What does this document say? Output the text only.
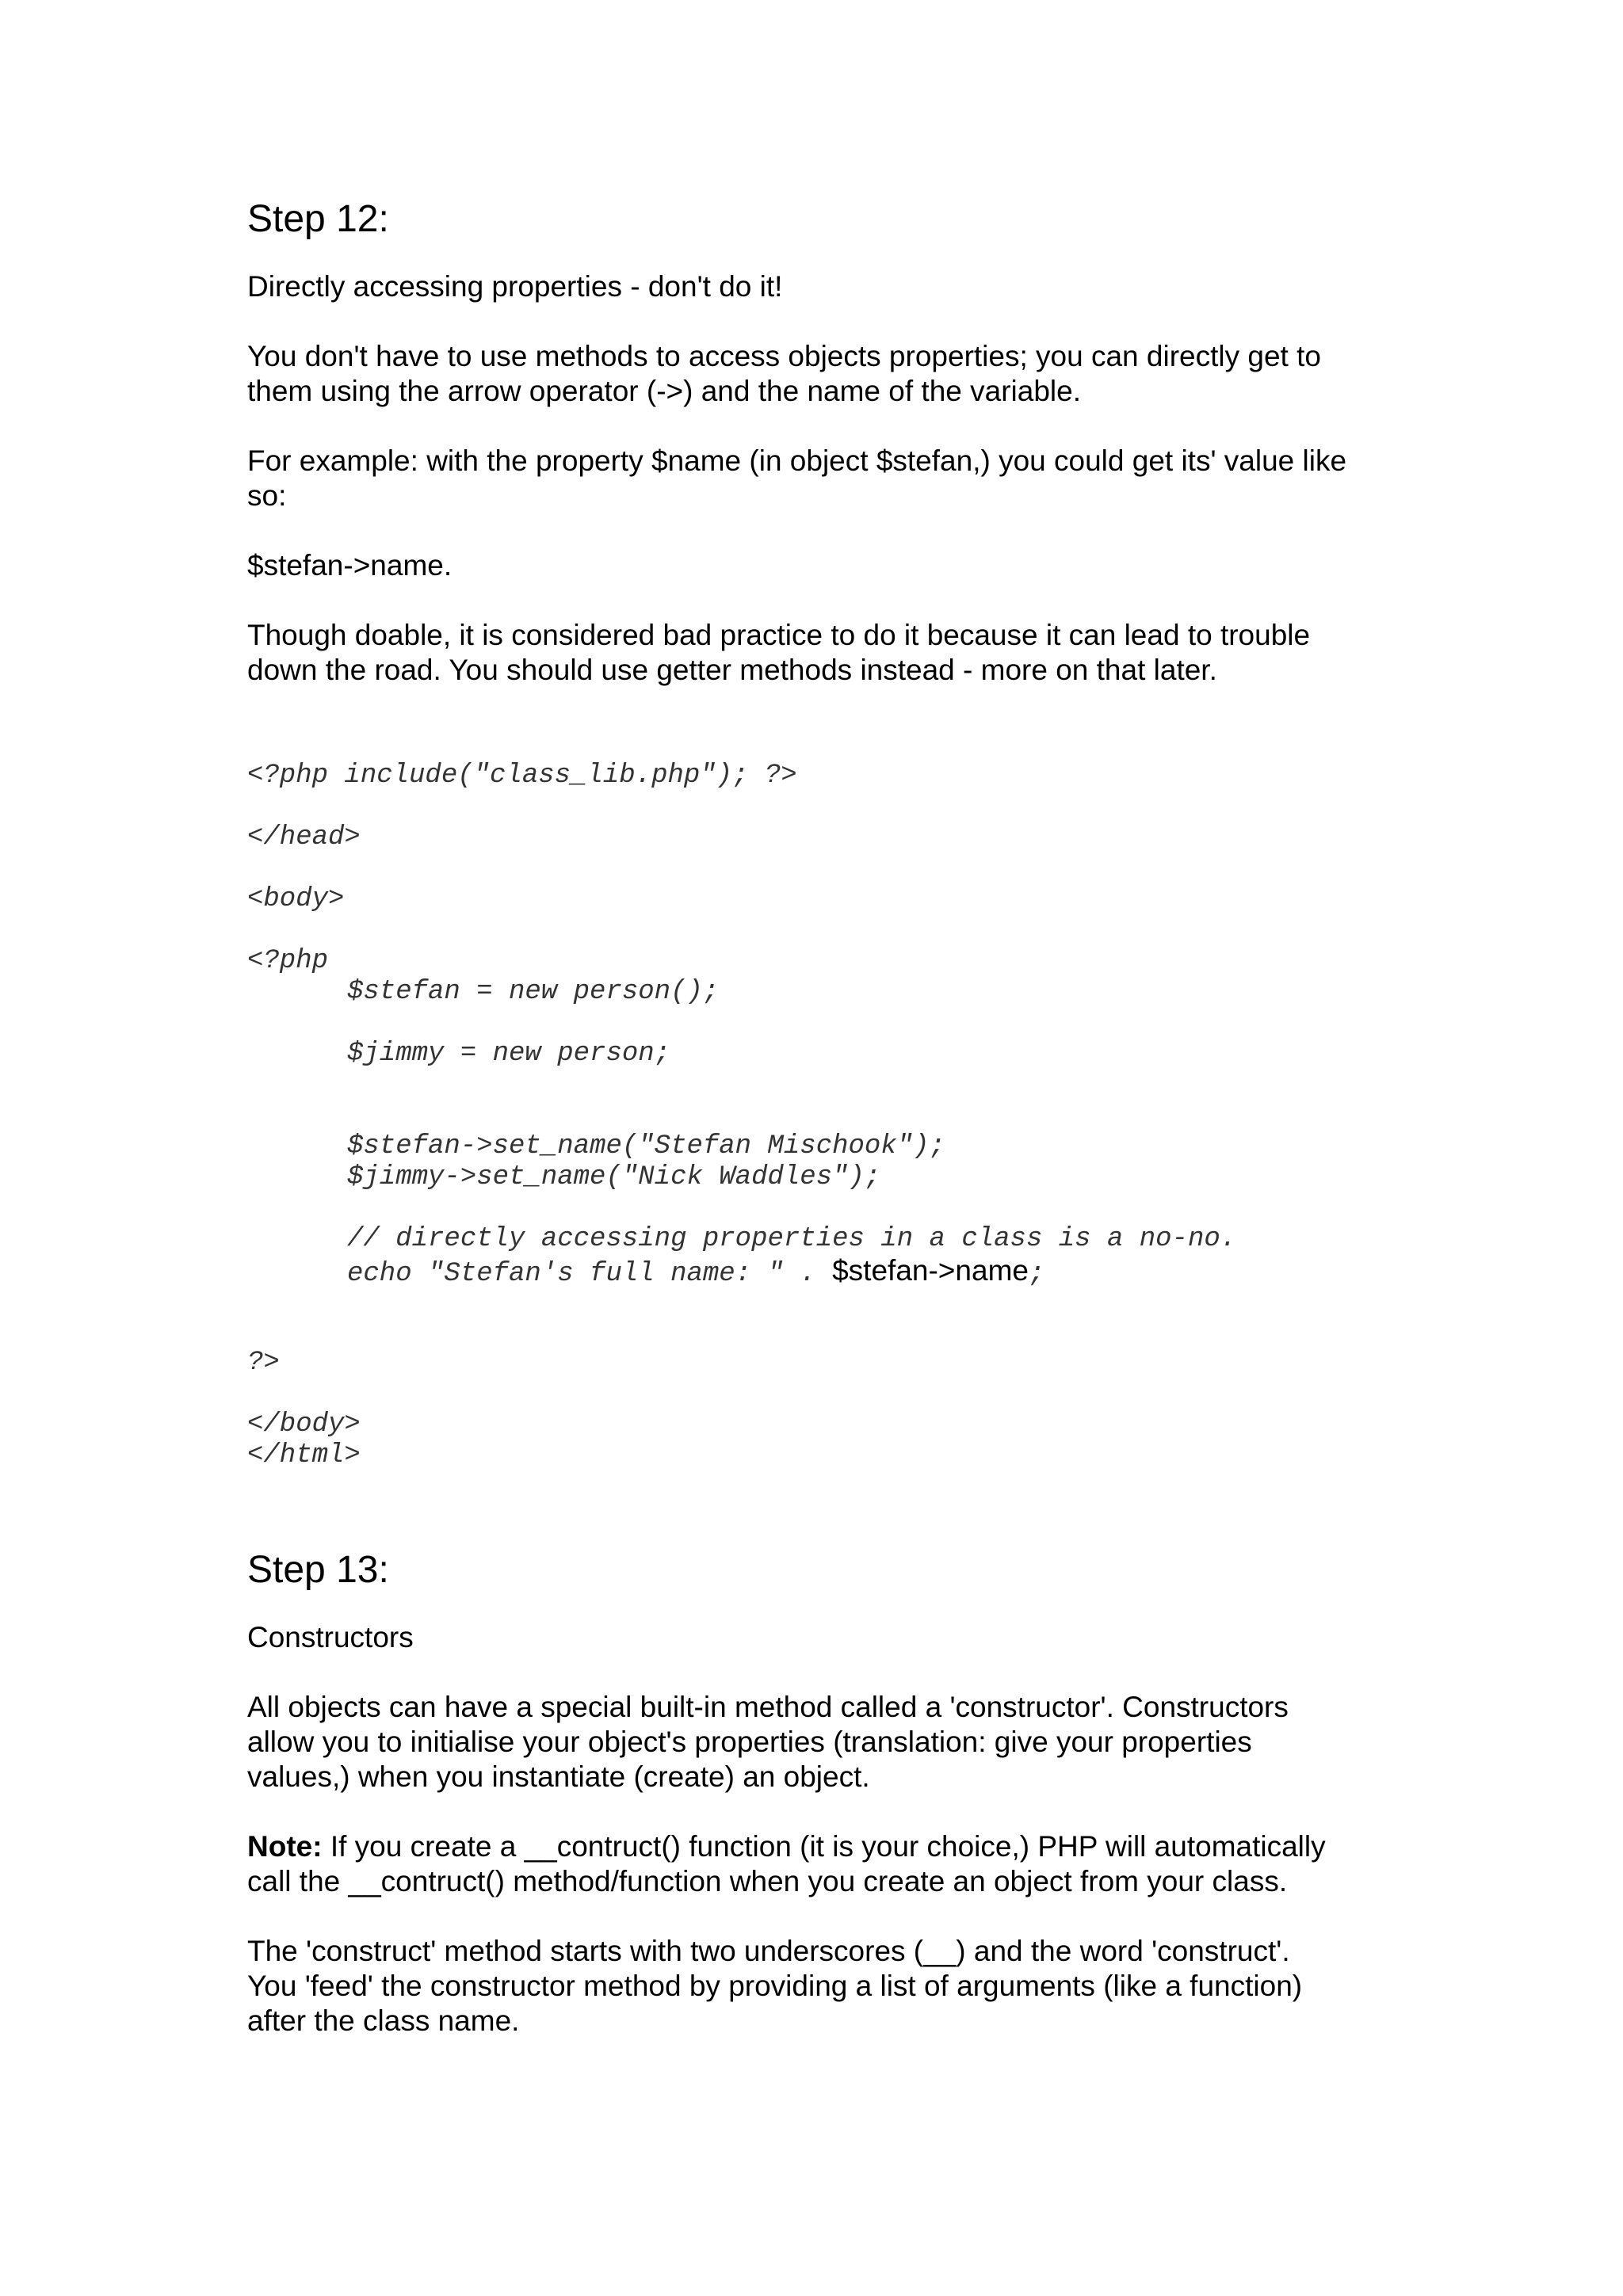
Step 12:

Directly accessing properties - don't do it!

You don't have to use methods to access objects properties; you can directly get to
them using the arrow operator (->) and the name of the variable.

For example: with the property $name (in object $stefan,) you could get its' value like
so:

$stefan->name.

Though doable, it is considered bad practice to do it because it can lead to trouble
down the road. You should use getter methods instead - more on that later.

<?php include("class_lib.php"); ?>
</head>
<body>
<?php
$stefan = new person();
$jimmy = new person;
$stefan->set_name("Stefan Mischook");
$jimmy->set_name("Nick Waddles");
// directly accessing properties in a class is a no-no.
echo "Stefan's full name: " . $stefan->name;
?>
</body>
</html>
Step 13:

Constructors

All objects can have a special built-in method called a 'constructor'. Constructors
allow you to initialise your object's properties (translation: give your properties
values,) when you instantiate (create) an object.

Note: If you create a __contruct() function (it is your choice,) PHP will automatically
call the __contruct() method/function when you create an object from your class.

The 'construct' method starts with two underscores (__) and the word 'construct'.
You 'feed' the constructor method by providing a list of arguments (like a function)
after the class name.
